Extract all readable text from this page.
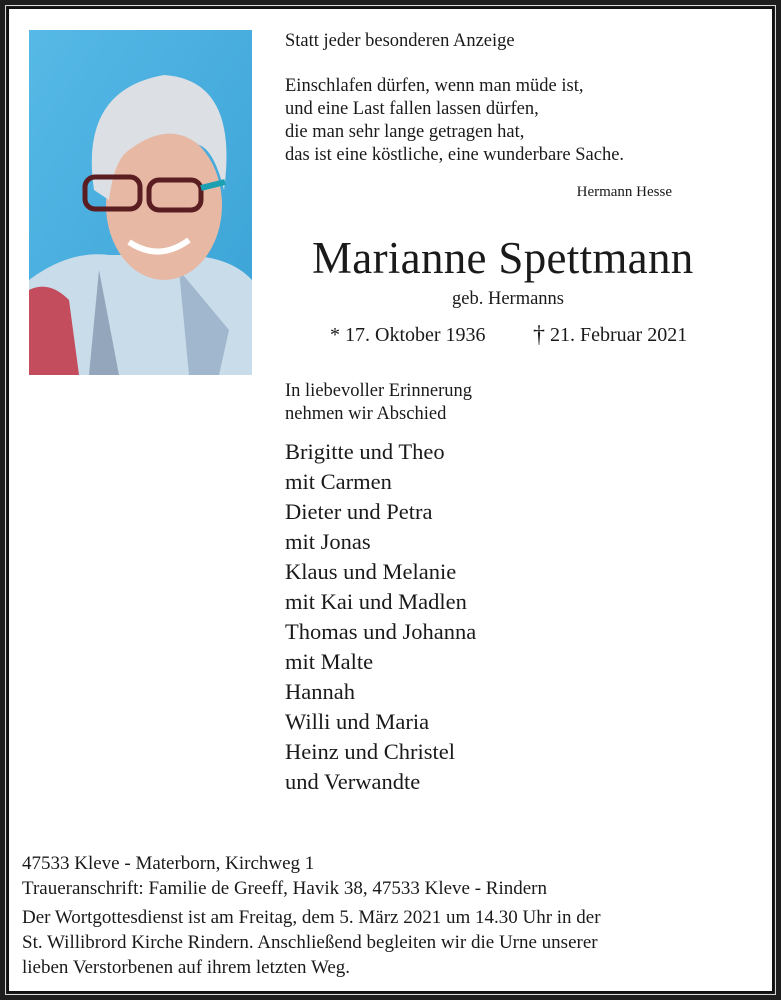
Statt jeder besonderen Anzeige
Einschlafen dürfen, wenn man müde ist,
und eine Last fallen lassen dürfen,
die man sehr lange getragen hat,
das ist eine köstliche, eine wunderbare Sache.
Hermann Hesse
Marianne Spettmann
geb. Hermanns
* 17. Oktober 1936 † 21. Februar 2021
In liebevoller Erinnerung
nehmen wir Abschied
Brigitte und Theo
mit Carmen
Dieter und Petra
mit Jonas
Klaus und Melanie
mit Kai und Madlen
Thomas und Johanna
mit Malte
Hannah
Willi und Maria
Heinz und Christel
und Verwandte
47533 Kleve - Materborn, Kirchweg 1
Traueranschrift: Familie de Greeff, Havik 38, 47533 Kleve - Rindern
Der Wortgottesdienst ist am Freitag, dem 5. März 2021 um 14.30 Uhr in der
St. Willibrord Kirche Rindern. Anschließend begleiten wir die Urne unserer
lieben Verstorbenen auf ihrem letzten Weg.
